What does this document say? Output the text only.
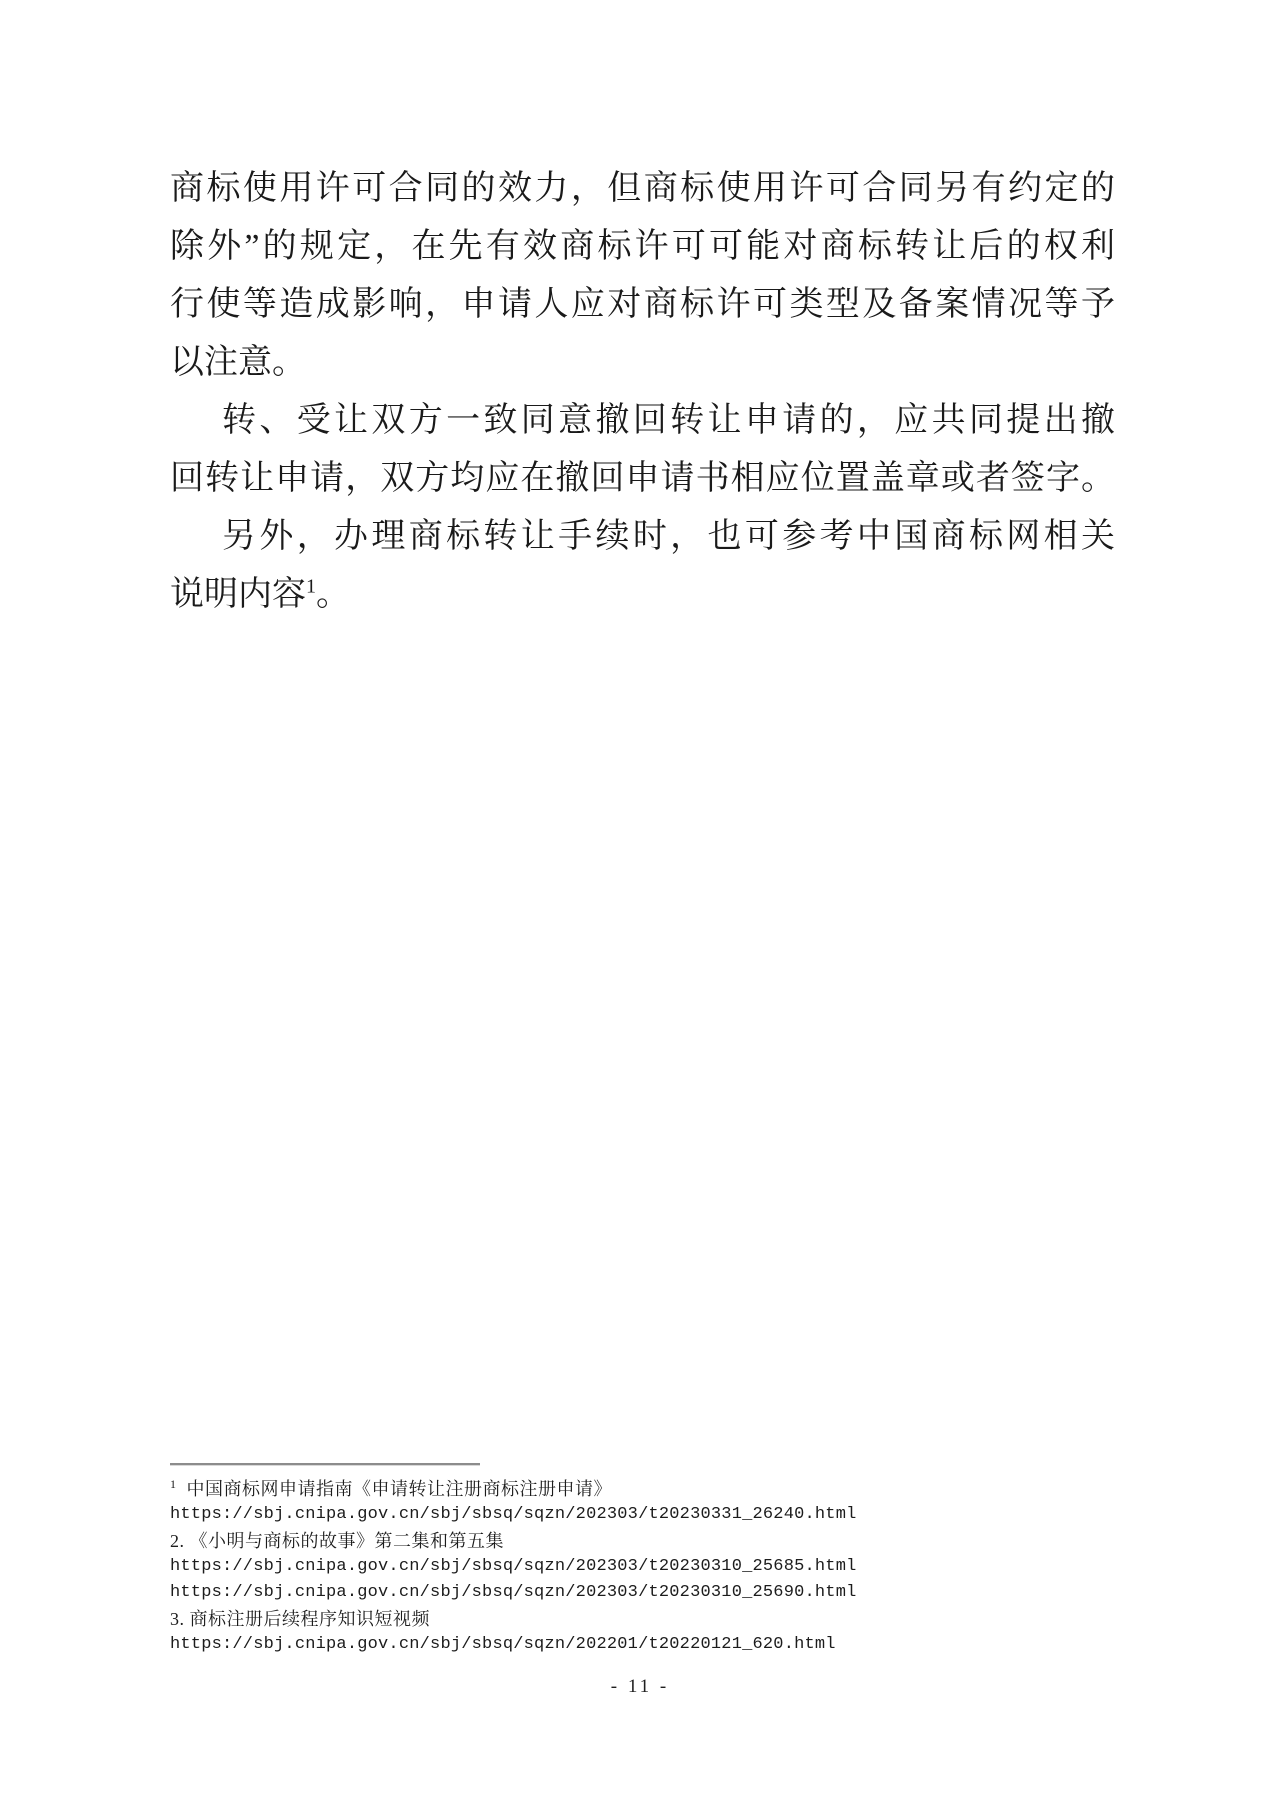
商标使用许可合同的效力，但商标使用许可合同另有约定的
除外”的规定，在先有效商标许可可能对商标转让后的权利
行使等造成影响，申请人应对商标许可类型及备案情况等予
以注意。
转、受让双方一致同意撤回转让申请的，应共同提出撤
回转让申请，双方均应在撤回申请书相应位置盖章或者签字。
另外，办理商标转让手续时，也可参考中国商标网相关
说明内容$^1$。
$^1$ 中国商标网申请指南《申请转让注册商标注册申请》
https://sbj.cnipa.gov.cn/sbj/sbsq/sqzn/202303/t20230331_26240.html
2. 《小明与商标的故事》第二集和第五集
https://sbj.cnipa.gov.cn/sbj/sbsq/sqzn/202303/t20230310_25685.html
https://sbj.cnipa.gov.cn/sbj/sbsq/sqzn/202303/t20230310_25690.html
3. 商标注册后续程序知识短视频
https://sbj.cnipa.gov.cn/sbj/sbsq/sqzn/202201/t20220121_620.html
- 11 -
